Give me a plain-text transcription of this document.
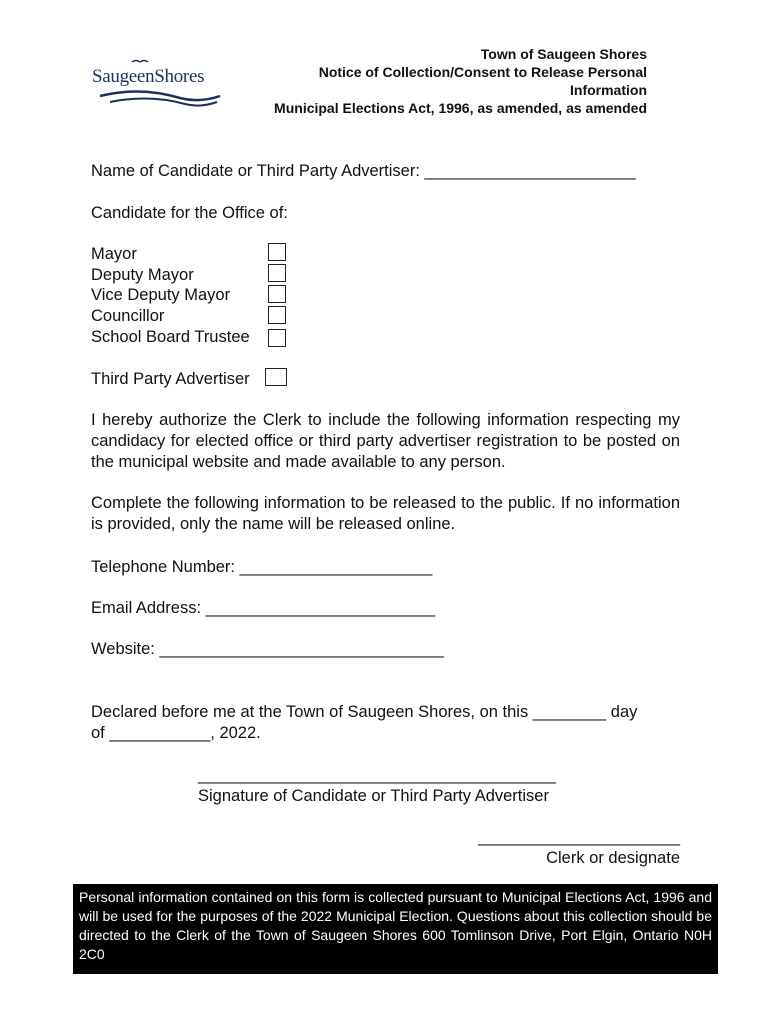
SaugeenShores
Town of Saugeen Shores
Notice of Collection/Consent to Release Personal
Information
Municipal Elections Act, 1996, as amended, as amended
Name of Candidate or Third Party Advertiser: _______________________
Candidate for the Office of:
Mayor
Deputy Mayor
Vice Deputy Mayor
Councillor
School Board Trustee
Third Party Advertiser
I hereby authorize the Clerk to include the following information respecting my candidacy for elected office or third party advertiser registration to be posted on the municipal website and made available to any person.
Complete the following information to be released to the public. If no information is provided, only the name will be released online.
Telephone Number: _____________________
Email Address: _________________________
Website: _______________________________
Declared before me at the Town of Saugeen Shores, on this ________ day
of ___________, 2022.
_______________________________________
Signature of Candidate or Third Party Advertiser
______________________
Clerk or designate
Personal information contained on this form is collected pursuant to Municipal Elections Act, 1996 and will be used for the purposes of the 2022 Municipal Election. Questions about this collection should be directed to the Clerk of the Town of Saugeen Shores 600 Tomlinson Drive, Port Elgin, Ontario N0H 2C0
